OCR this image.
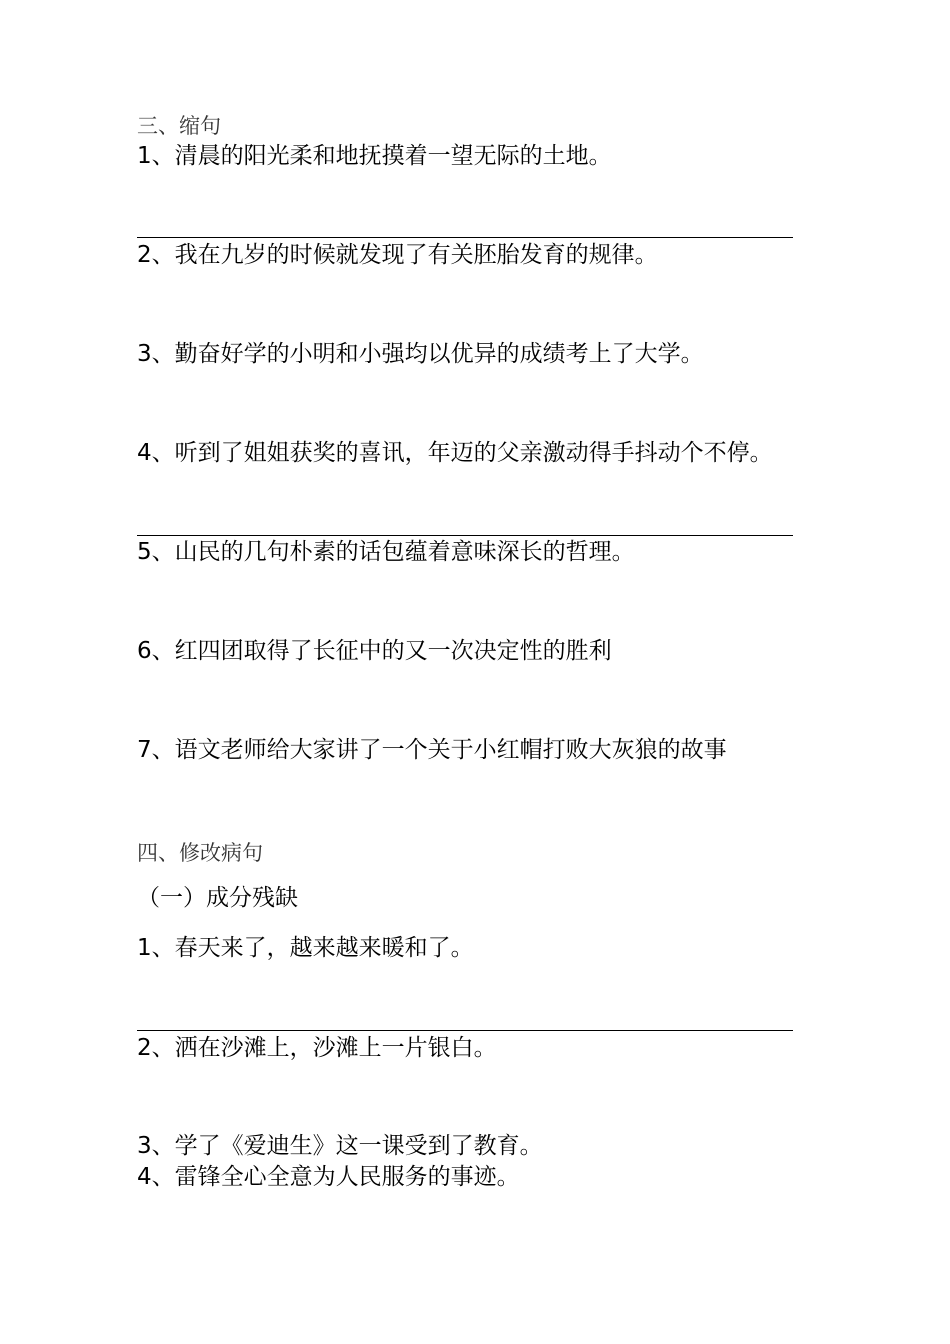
三、缩句
1、清晨的阳光柔和地抚摸着一望无际的土地。
2、我在九岁的时候就发现了有关胚胎发育的规律。
3、勤奋好学的小明和小强均以优异的成绩考上了大学。
4、听到了姐姐获奖的喜讯，年迈的父亲激动得手抖动个不停。
5、山民的几句朴素的话包蕴着意味深长的哲理。
6、红四团取得了长征中的又一次决定性的胜利
7、语文老师给大家讲了一个关于小红帽打败大灰狼的故事
四、修改病句
（一）成分残缺
1、春天来了，越来越来暖和了。
2、洒在沙滩上，沙滩上一片银白。
3、学了《爱迪生》这一课受到了教育。
4、雷锋全心全意为人民服务的事迹。
